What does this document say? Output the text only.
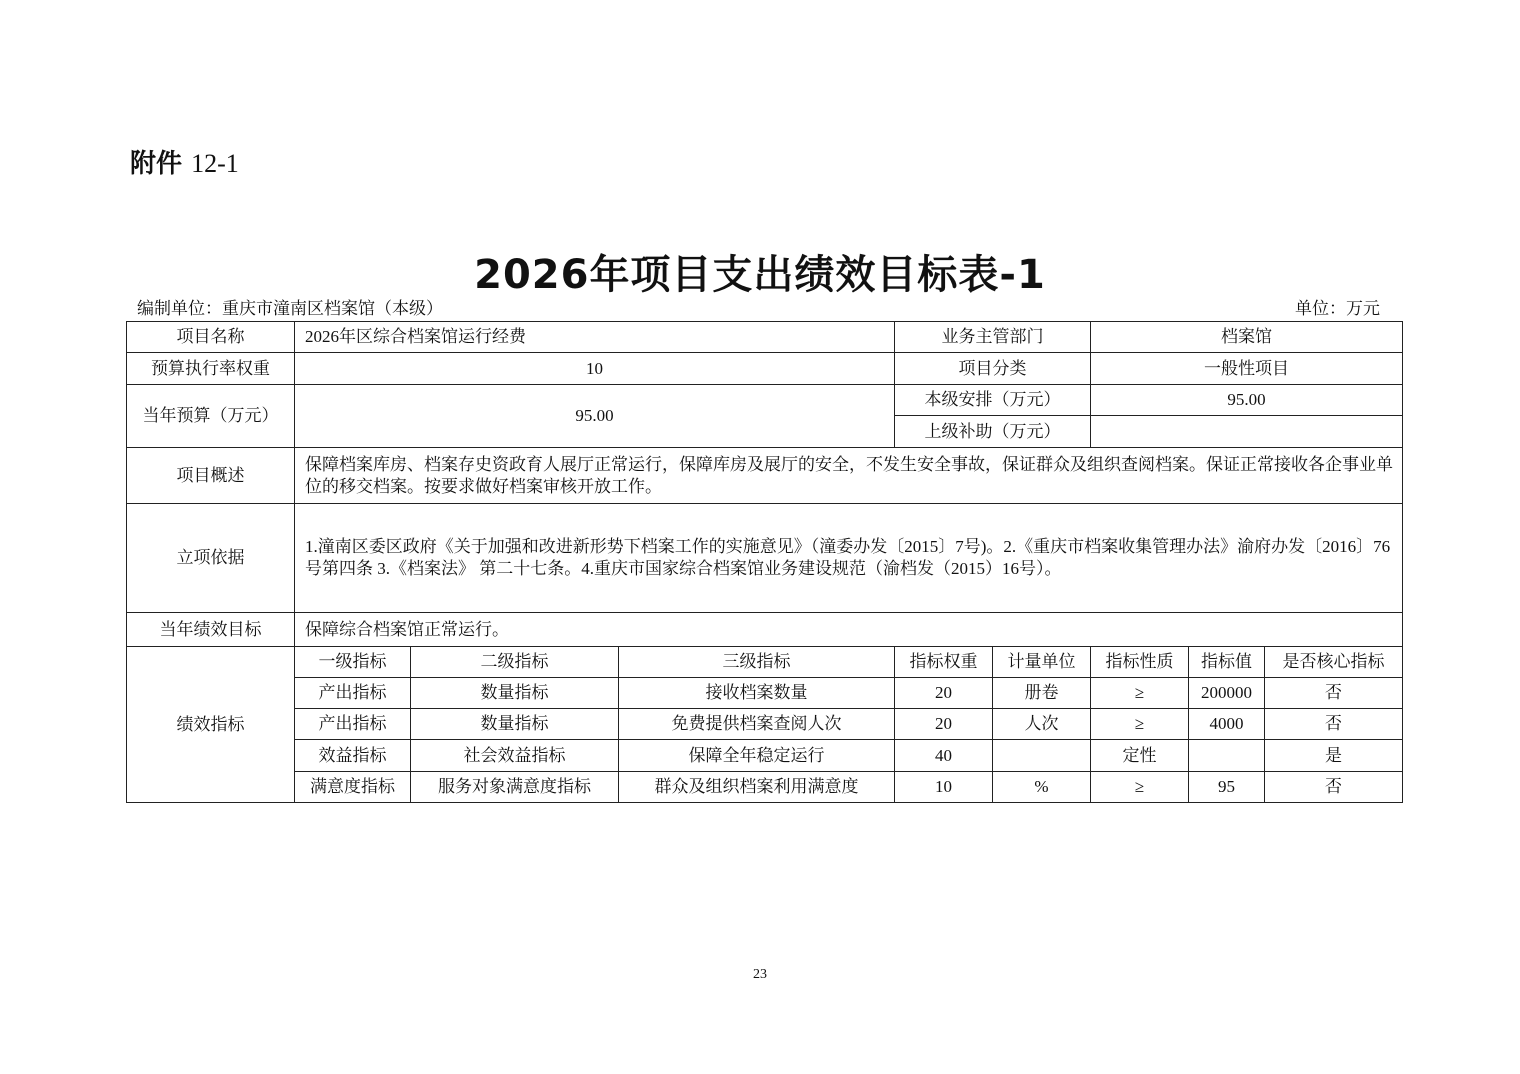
附件 12-1
2026年项目支出绩效目标表-1
编制单位：重庆市潼南区档案馆（本级）	单位：万元
项目名称	2026年区综合档案馆运行经费			业务主管部门		档案馆		
预算执行率权重	10			项目分类		一般性项目		
当年预算（万元）	95.00			本级安排（万元）		95.00		
				上级补助（万元）				
项目概述	保障档案库房、档案存史资政育人展厅正常运行，保障库房及展厅的安全，不发生安全事故，保证群众及组织查阅档案。保证正常接收各企事业单位的移交档案。按要求做好档案审核开放工作。							
立项依据	1.潼南区委区政府《关于加强和改进新形势下档案工作的实施意见》（潼委办发〔2015〕7号)。2.《重庆市档案收集管理办法》渝府办发〔2016〕76号第四条 3.《档案法》 第二十七条。4.重庆市国家综合档案馆业务建设规范（渝档发（2015）16号）。							
当年绩效目标	保障综合档案馆正常运行。							
绩效指标	一级指标	二级指标	三级指标	指标权重	计量单位	指标性质	指标值	是否核心指标
	产出指标	数量指标	接收档案数量	20	册卷	≥	200000	否
	产出指标	数量指标	免费提供档案查阅人次	20	人次	≥	4000	否
	效益指标	社会效益指标	保障全年稳定运行	40		定性		是
	满意度指标	服务对象满意度指标	群众及组织档案利用满意度	10	%	≥	95	否
23
